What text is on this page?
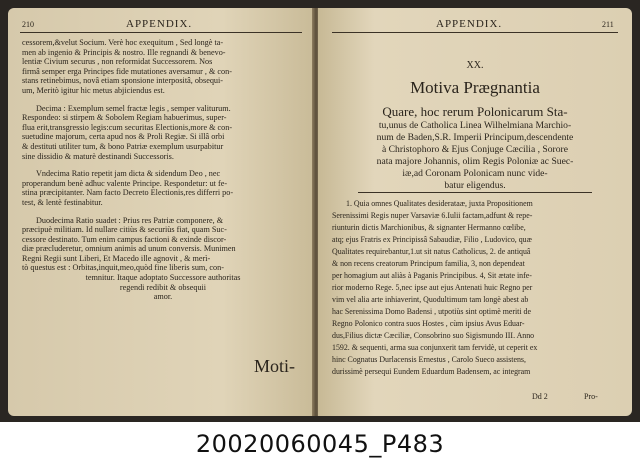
210	APPENDIX.
cessorem,&velut Socium. Verè hoc exequitum , Sed longè ta-
men ab ingenio & Principis & nostro. Ille regnandi & benevo-
lentiæ Civium securus , non reformidat Successorem. Nos
firmâ semper erga Principes fide mutationes aversamur , & con-
stans retinebimus, novâ etiam sponsione interpositâ, obsequi-
um, Meritò igitur hic metus abjiciendus est.
Decima : Exemplum semel fractæ legis , semper valiturum.
Respondeo: si stirpem & Sobolem Regiam habuerimus, super-
flua erit,transgressio legis:cum securitas Electionis,more & con-
suetudine majorum, certa apud nos & Proli Regiæ. Si illâ orbi
& destituti utiliter tum, & bono Patriæ exemplum usurpabitur
sine dissidio & maturè destinandi Successoris.
Vndecima Ratio repetit jam dicta & sidendum Deo , nec
properandum benè adhuc valente Principe. Respondetur: ut fe-
stina præcipitanter. Nam facto Decreto Electionis,res differri po-
test, & lentè festinabitur.
Duodecima Ratio suadet : Prius res Patriæ componere, &
præcipuè militiam. Id nullare citiùs & securiùs fiat, quam Suc-
cessore destinato. Tum enim campus factioni & exinde discor-
diæ præcluderetur, omnium animis ad unum conversis. Munimen
Regni Regii sunt Liberi, Et Macedo ille agnovit , & merì-
tò questus est : Orbitas,inquit,meo,quòd fine liberis sum, con-
temnitur. Itaque adoptato Successore authoritas
regendi redibit & obsequii
amor.
Moti-
APPENDIX.	211
XX.
Motiva Prægnantia
Quare, hoc rerum Polonicarum Sta-
tu,unus de Catholica Linea Wilhelmiana Marchio-
num de Baden,S.R. Imperii Principum,descendente
à Christophoro & Ejus Conjuge Cæcilia , Sorore
nata majore Johannis, olim Regis Poloniæ ac Suec-
iæ,ad Coronam Polonicam nunc vide-
batur eligendus.
1. Quia omnes Qualitates desiderataæ, juxta Propositionem
Serenissimi Regis nuper Varsaviæ 6.Iulii factam,adfunt & repe-
riunturin dictis Marchionibus, & signanter Hermanno cœlibe,
atq; ejus Fratris ex Principissâ Sabaudiæ, Filio , Ludovico, quæ
Qualitates requirebantur,1.ut sit natus Catholicus, 2. de antiquâ
& non recens creatorum Principum familia, 3, non dependeat
per homagium aut aliàs à Paganis Principibus. 4, Sit ætate infe-
rior moderno Rege. 5,nec ipse aut ejus Antenati huic Regno per
vim vel alia arte inhiaverint, Quodultimum tam longè abest ab
hac Serenissima Domo Badensi , utpotiùs sint optimè meriti de
Regno Polonico contra suos Hostes , cùm ipsius Avus Eduar-
dus,Filius dictæ Cæciliæ, Consobrino suo Sigismundo III. Anno
1592. & sequenti, arma sua conjunxerit tam fervidè, ut ceperit ex
hinc Cognatus Durlacensis Ernestus , Carolo Sueco assistens,
durissimè persequi Eundem Eduardum Badensem, ac integram
Dd 2	Pro-
20020060045_P483
